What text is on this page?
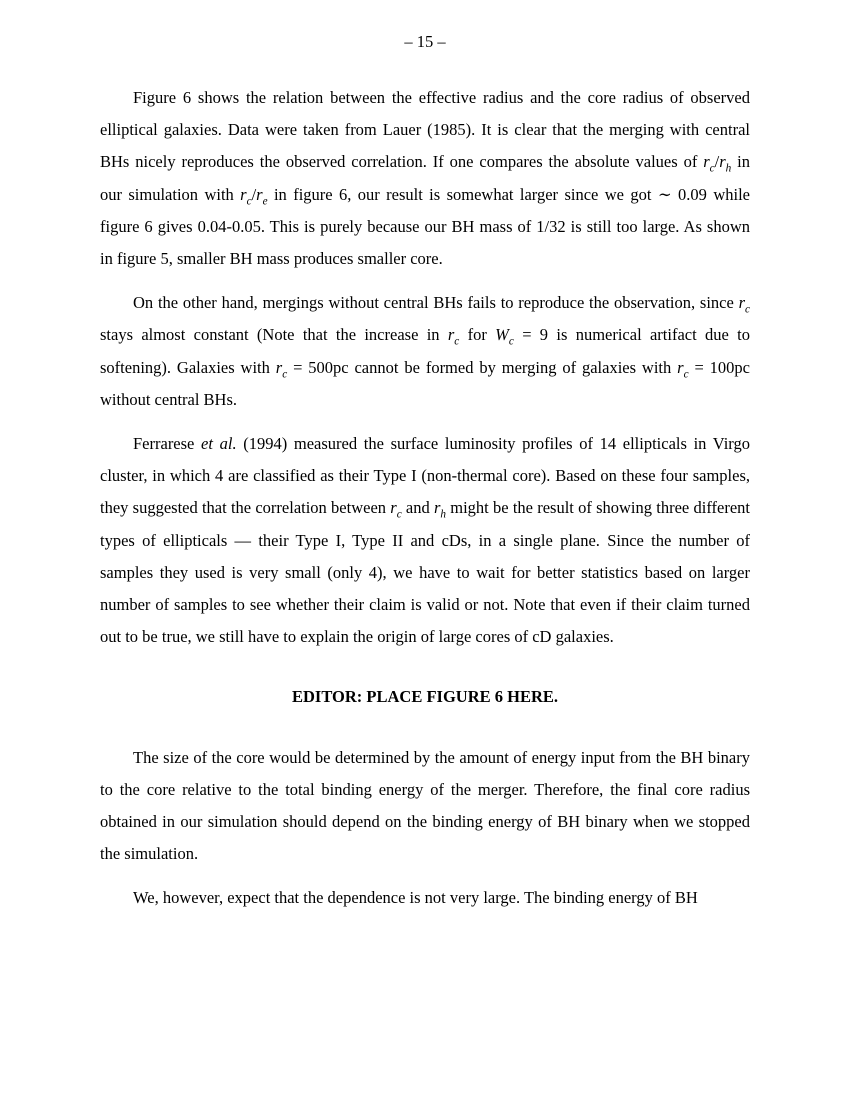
– 15 –

Figure 6 shows the relation between the effective radius and the core radius of observed elliptical galaxies. Data were taken from Lauer (1985). It is clear that the merging with central BHs nicely reproduces the observed correlation. If one compares the absolute values of $r_c/r_h$ in our simulation with $r_c/r_e$ in figure 6, our result is somewhat larger since we got ∼ 0.09 while figure 6 gives 0.04-0.05. This is purely because our BH mass of 1/32 is still too large. As shown in figure 5, smaller BH mass produces smaller core.

On the other hand, mergings without central BHs fails to reproduce the observation, since $r_c$ stays almost constant (Note that the increase in $r_c$ for $W_c = 9$ is numerical artifact due to softening). Galaxies with $r_c = 500pc$ cannot be formed by merging of galaxies with $r_c = 100pc$ without central BHs.

Ferrarese et al. (1994) measured the surface luminosity profiles of 14 ellipticals in Virgo cluster, in which 4 are classified as their Type I (non-thermal core). Based on these four samples, they suggested that the correlation between $r_c$ and $r_h$ might be the result of showing three different types of ellipticals — their Type I, Type II and cDs, in a single plane. Since the number of samples they used is very small (only 4), we have to wait for better statistics based on larger number of samples to see whether their claim is valid or not. Note that even if their claim turned out to be true, we still have to explain the origin of large cores of cD galaxies.

EDITOR: PLACE FIGURE 6 HERE.

The size of the core would be determined by the amount of energy input from the BH binary to the core relative to the total binding energy of the merger. Therefore, the final core radius obtained in our simulation should depend on the binding energy of BH binary when we stopped the simulation.

We, however, expect that the dependence is not very large. The binding energy of BH
